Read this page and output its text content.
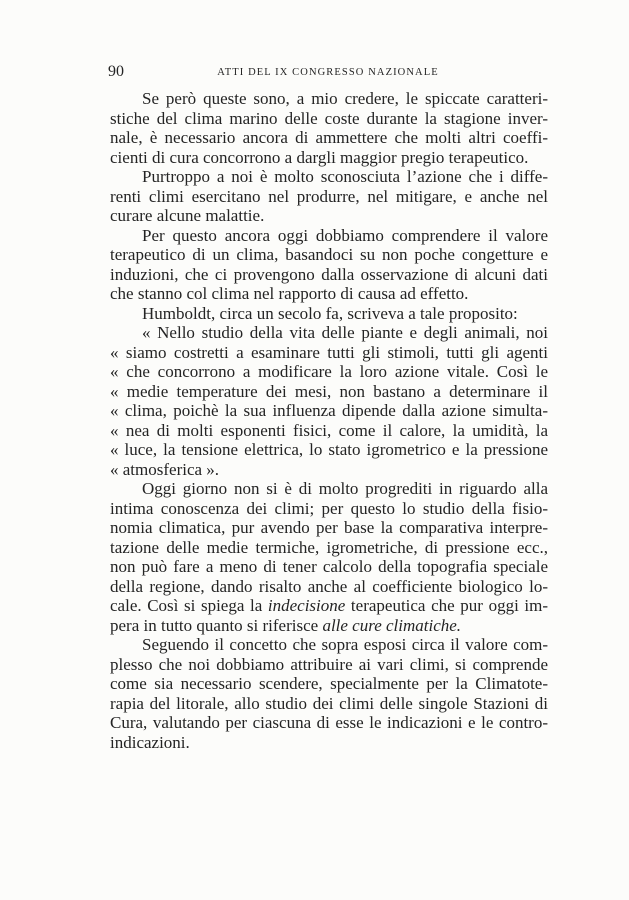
90	ATTI DEL IX CONGRESSO NAZIONALE
Se però queste sono, a mio credere, le spiccate caratteri-
stiche del clima marino delle coste durante la stagione inver-
nale, è necessario ancora di ammettere che molti altri coeffi-
cienti di cura concorrono a dargli maggior pregio terapeutico.
Purtroppo a noi è molto sconosciuta l’azione che i diffe-
renti climi esercitano nel produrre, nel mitigare, e anche nel
curare alcune malattie.
Per questo ancora oggi dobbiamo comprendere il valore
terapeutico di un clima, basandoci su non poche congetture e
induzioni, che ci provengono dalla osservazione di alcuni dati
che stanno col clima nel rapporto di causa ad effetto.
Humboldt, circa un secolo fa, scriveva a tale proposito:
« Nello studio della vita delle piante e degli animali, noi
« siamo costretti a esaminare tutti gli stimoli, tutti gli agenti
« che concorrono a modificare la loro azione vitale. Così le
« medie temperature dei mesi, non bastano a determinare il
« clima, poichè la sua influenza dipende dalla azione simulta-
« nea di molti esponenti fisici, come il calore, la umidità, la
« luce, la tensione elettrica, lo stato igrometrico e la pressione
« atmosferica ».
Oggi giorno non si è di molto progrediti in riguardo alla
intima conoscenza dei climi; per questo lo studio della fisio-
nomia climatica, pur avendo per base la comparativa interpre-
tazione delle medie termiche, igrometriche, di pressione ecc.,
non può fare a meno di tener calcolo della topografia speciale
della regione, dando risalto anche al coefficiente biologico lo-
cale. Così si spiega la indecisione terapeutica che pur oggi im-
pera in tutto quanto si riferisce alle cure climatiche.
Seguendo il concetto che sopra esposi circa il valore com-
plesso che noi dobbiamo attribuire ai vari climi, si comprende
come sia necessario scendere, specialmente per la Climatote-
rapia del litorale, allo studio dei climi delle singole Stazioni di
Cura, valutando per ciascuna di esse le indicazioni e le contro-
indicazioni.
